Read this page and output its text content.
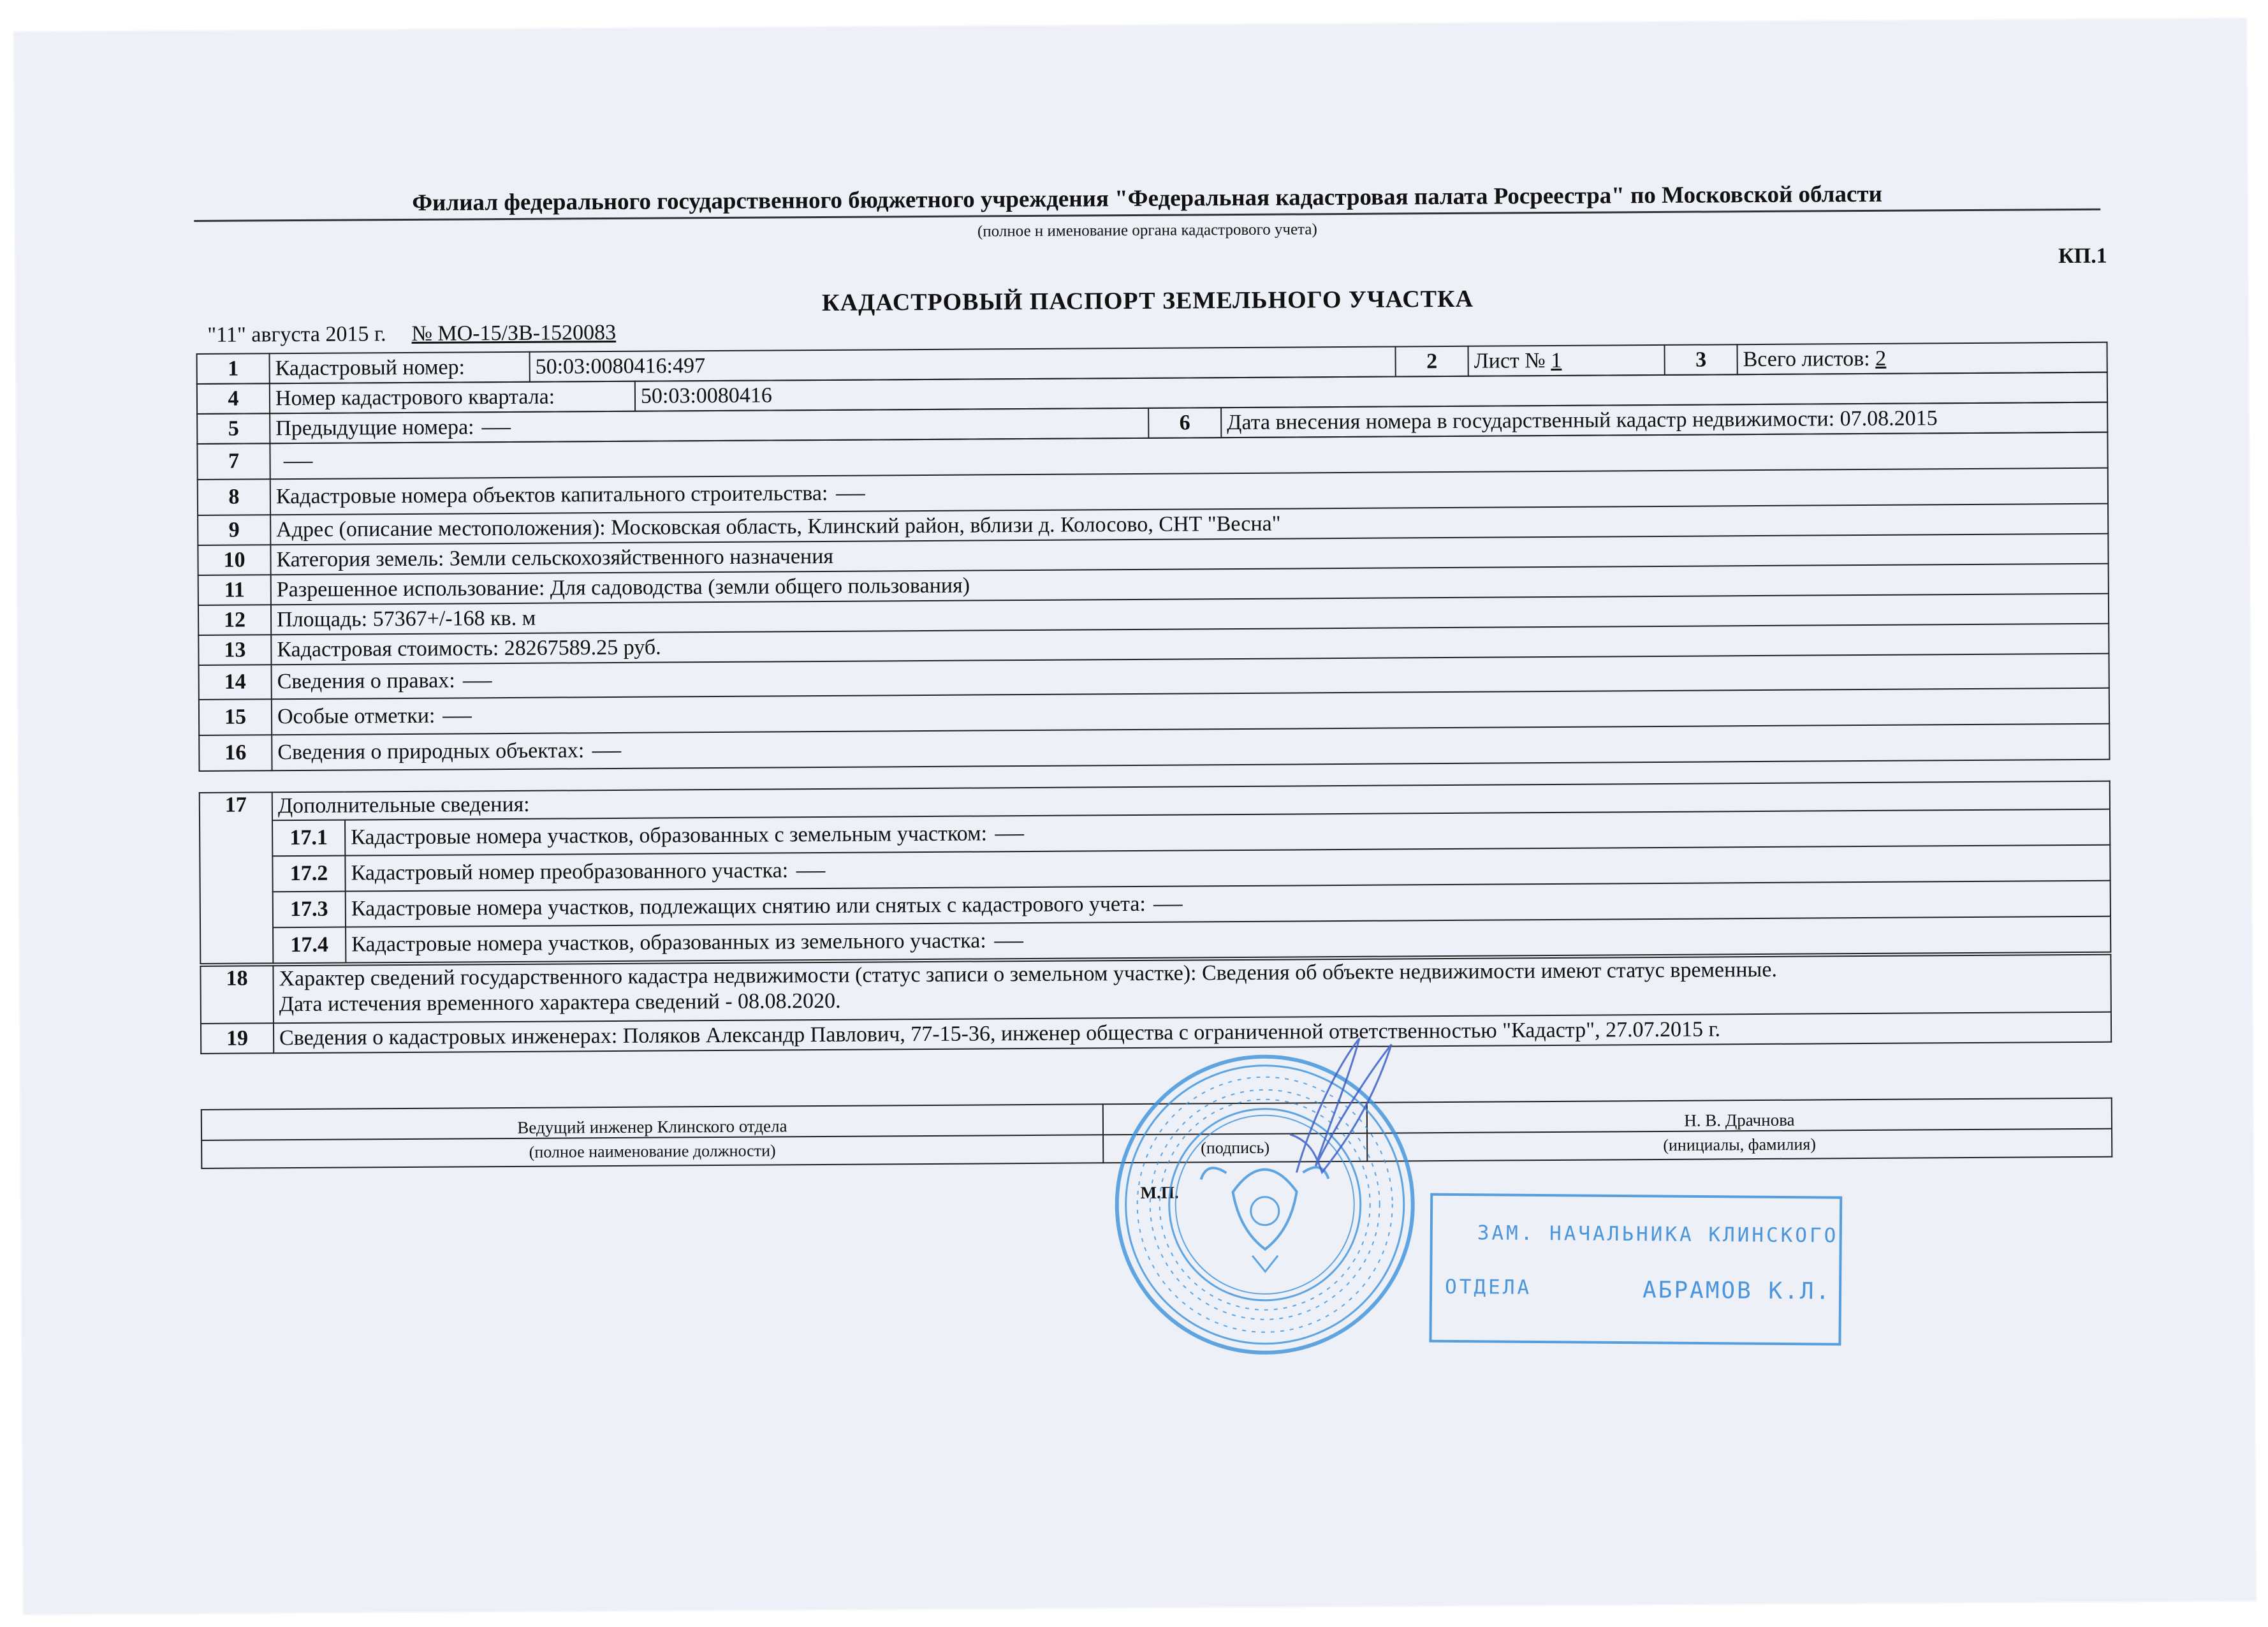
Филиал федерального государственного бюджетного учреждения "Федеральная кадастровая палата Росреестра" по Московской области
(полное н именование органа кадастрового учета)
КП.1
КАДАСТРОВЫЙ ПАСПОРТ ЗЕМЕЛЬНОГО УЧАСТКА
"11" августа 2015 г. № МО-15/ЗВ-1520083
1	Кадастровый номер:	50:03:0080416:497	2	Лист № 1	3	Всего листов: 2
4	Номер кадастрового квартала:	50:03:0080416
5	Предыдущие номера:	6	Дата внесения номера в государственный кадастр недвижимости: 07.08.2015
7	
8	Кадастровые номера объектов капитального строительства:
9	Адрес (описание местоположения): Московская область, Клинский район, вблизи д. Колосово, СНТ "Весна"
10	Категория земель: Земли сельскохозяйственного назначения
11	Разрешенное использование: Для садоводства (земли общего пользования)
12	Площадь: 57367+/-168 кв. м
13	Кадастровая стоимость: 28267589.25 руб.
14	Сведения о правах:
15	Особые отметки:
16	Сведения о природных объектах:
17	Дополнительные сведения:	
	17.1	Кадастровые номера участков, образованных с земельным участком:
	17.2	Кадастровый номер преобразованного участка:
	17.3	Кадастровые номера участков, подлежащих снятию или снятых с кадастрового учета:
	17.4	Кадастровые номера участков, образованных из земельного участка:
18	Характер сведений государственного кадастра недвижимости (статус записи о земельном участке): Сведения об объекте недвижимости имеют статус временные.
Дата истечения временного характера сведений - 08.08.2020.

19	Сведения о кадастровых инженерах: Поляков Александр Павлович, 77-15-36, инженер общества с ограниченной ответственностью "Кадастр", 27.07.2015 г.
Ведущий инженер Клинского отдела		Н. В. Драчнова
(полное наименование должности)	(подпись)	(инициалы, фамилия)
М.П.
ЗАМ. НАЧАЛЬНИКА КЛИНСКОГО
ОТДЕЛА	АБРАМОВ К.Л.
